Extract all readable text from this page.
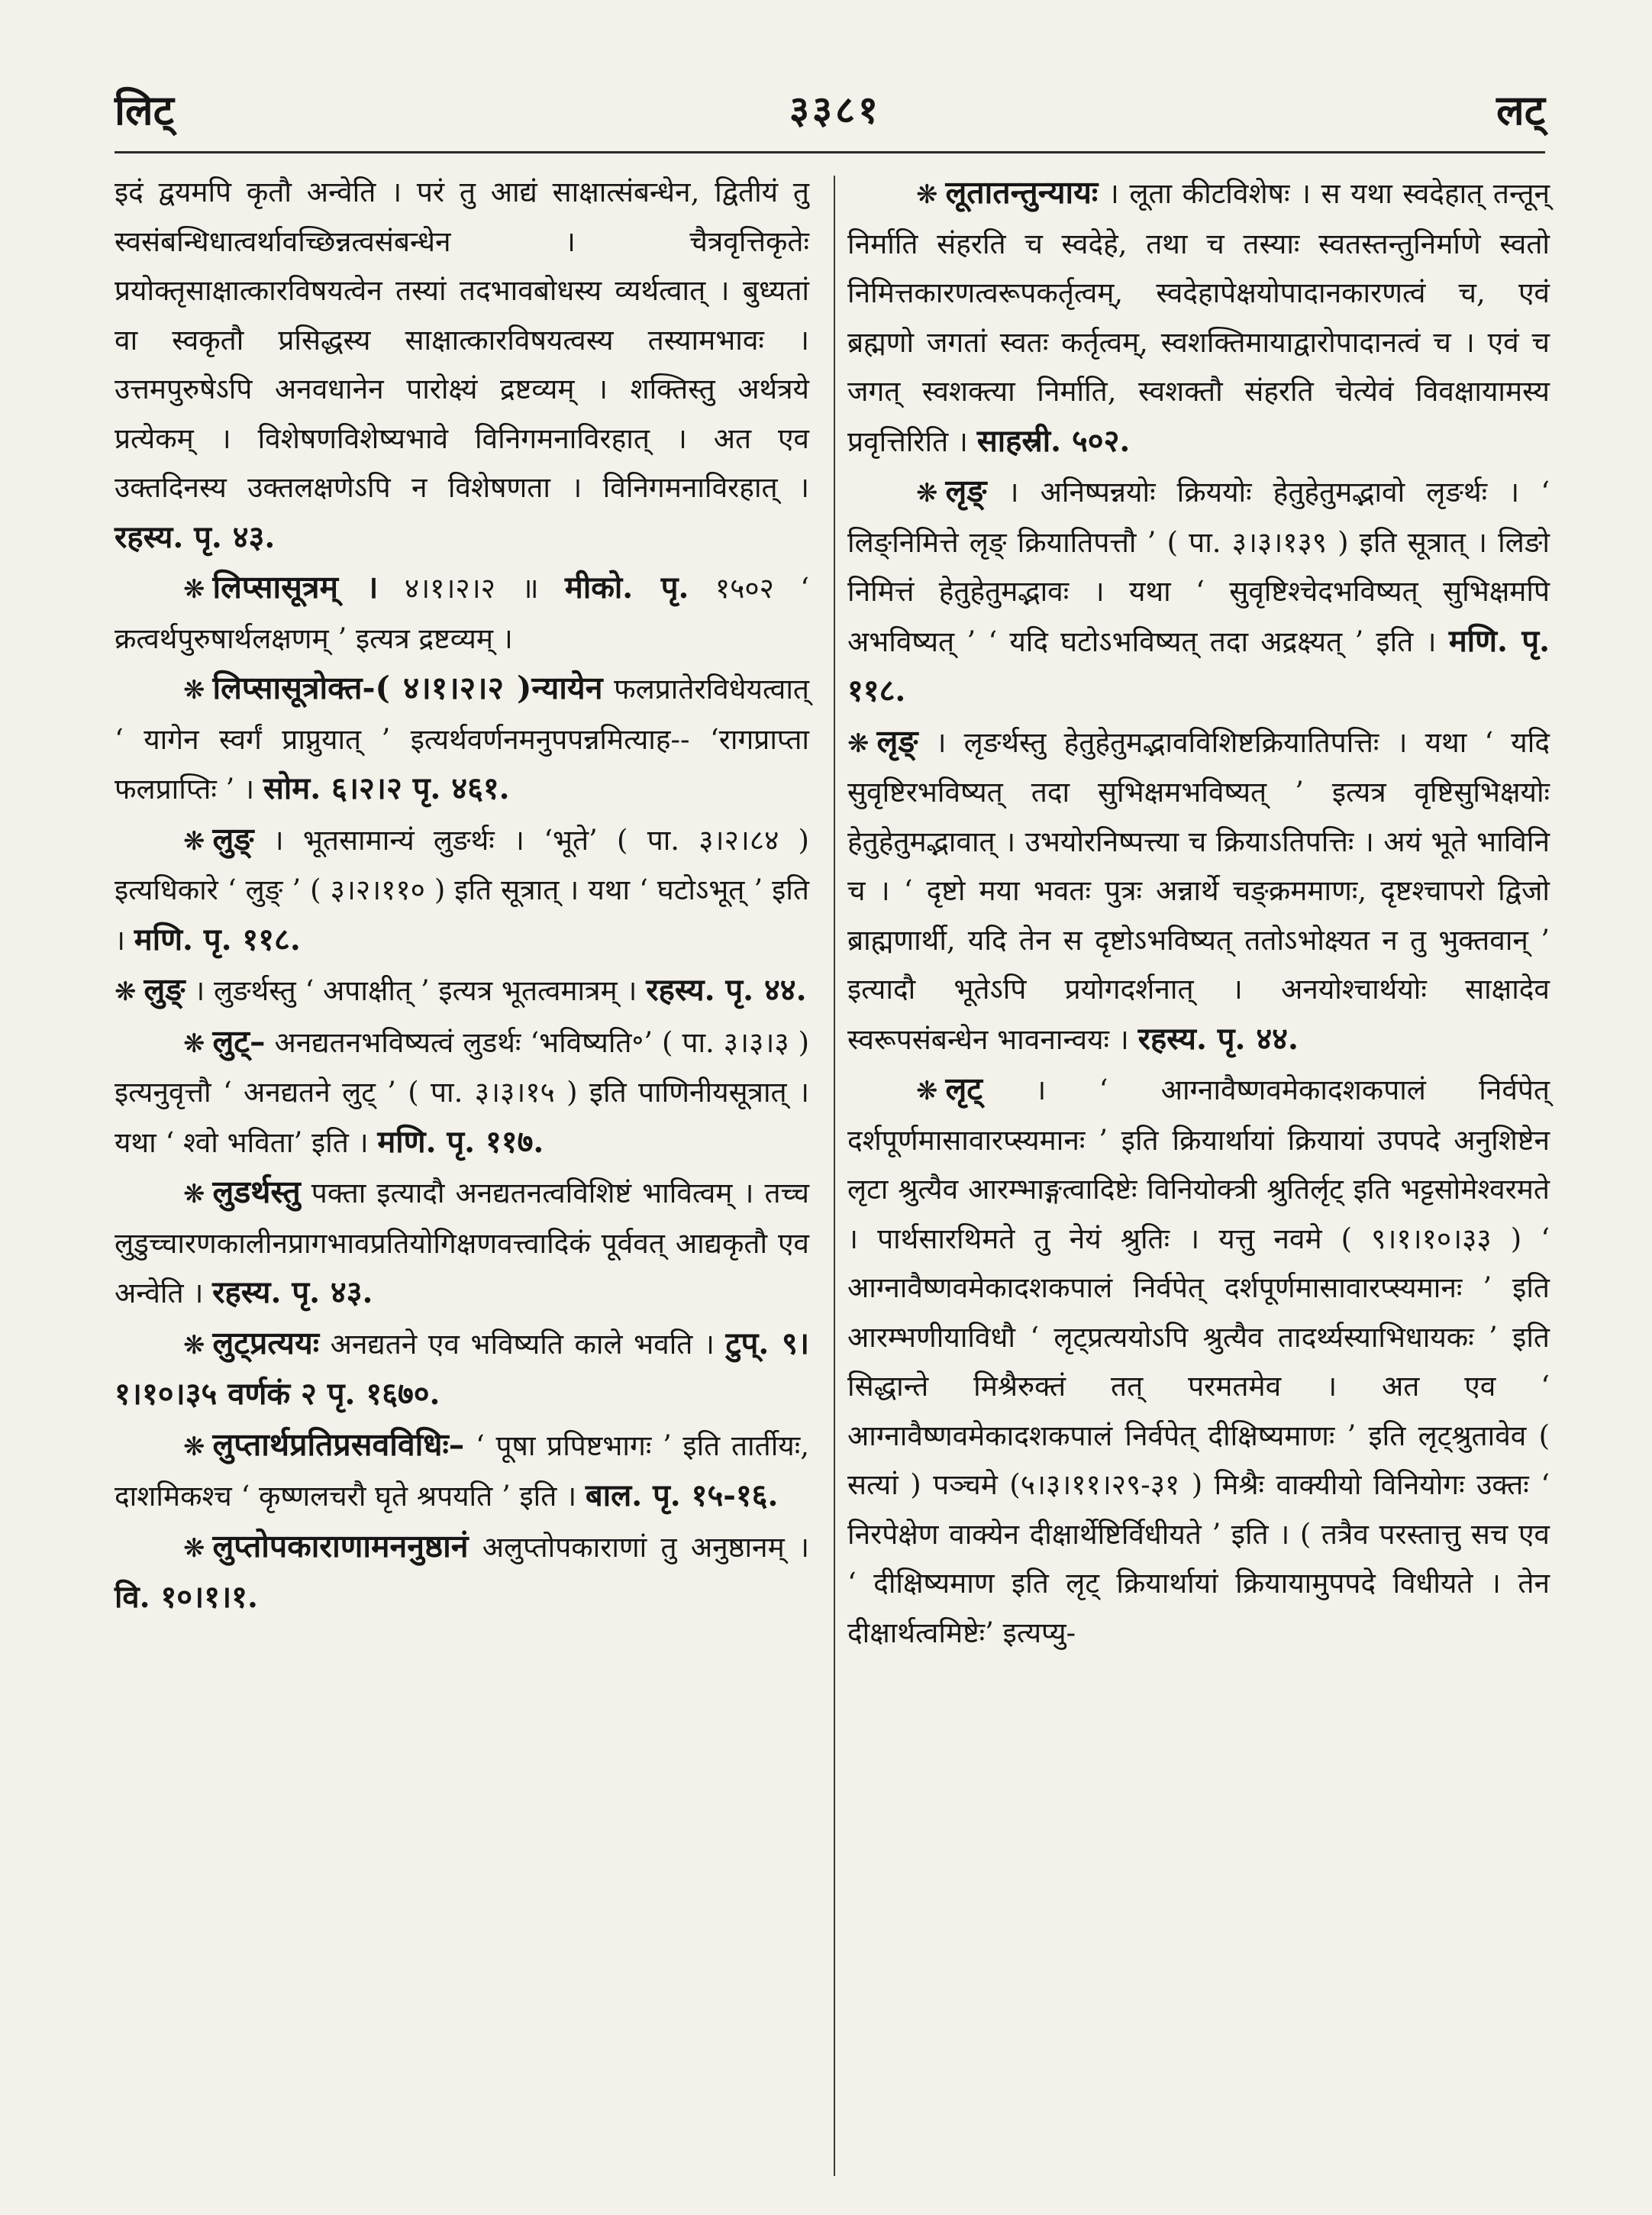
लिट्	३३८१	लट्

इदं द्वयमपि कृतौ अन्वेति । परं तु आद्यं साक्षात्संबन्धेन, द्वितीयं तु स्वसंबन्धिधात्वर्थावच्छिन्नत्वसंबन्धेन । चैत्रवृत्तिकृतेः प्रयोक्तृसाक्षात्कारविषयत्वेन तस्यां तदभावबोधस्य व्यर्थत्वात् । बुध्यतां वा स्वकृतौ प्रसिद्धस्य साक्षात्कारविषयत्वस्य तस्यामभावः । उत्तमपुरुषेऽपि अनवधानेन पारोक्ष्यं द्रष्टव्यम् । शक्तिस्तु अर्थत्रये प्रत्येकम् । विशेषणविशेष्यभावे विनिगमनाविरहात् । अत एव उक्तदिनस्य उक्तलक्षणेऽपि न विशेषणता । विनिगमनाविरहात् । रहस्य. पृ. ४३.

❋ लिप्सासूत्रम् । ४।१।२।२ ॥ मीको. पृ. १५०२ ‘ क्रत्वर्थपुरुषार्थलक्षणम् ’ इत्यत्र द्रष्टव्यम् ।

❋ लिप्सासूत्रोक्त-( ४।१।२।२ )न्यायेन फलप्रातेरविधेयत्वात् ‘ यागेन स्वर्गं प्राप्नुयात् ’ इत्यर्थवर्णनमनुपपन्नमित्याह-- ‘रागप्राप्ता फलप्राप्तिः ’ । सोम. ६।२।२ पृ. ४६१.

❋ लुङ् । भूतसामान्यं लुङर्थः । ‘भूते’ ( पा. ३।२।८४ ) इत्यधिकारे ‘ लुङ् ’ ( ३।२।११० ) इति सूत्रात् । यथा ‘ घटोऽभूत् ’ इति । मणि. पृ. ११८.

❋ लुङ् । लुङर्थस्तु ‘ अपाक्षीत् ’ इत्यत्र भूतत्वमात्रम् । रहस्य. पृ. ४४.

❋ लुट्– अनद्यतनभविष्यत्वं लुडर्थः ‘भविष्यति॰’ ( पा. ३।३।३ ) इत्यनुवृत्तौ ‘ अनद्यतने लुट् ’ ( पा. ३।३।१५ ) इति पाणिनीयसूत्रात् । यथा ‘ श्वो भविता’ इति । मणि. पृ. ११७.

❋ लुडर्थस्तु पक्ता इत्यादौ अनद्यतनत्वविशिष्टं भावित्वम् । तच्च लुडुच्चारणकालीनप्रागभावप्रतियोगिक्षणवत्त्वादिकं पूर्ववत् आद्यकृतौ एव अन्वेति । रहस्य. पृ. ४३.

❋ लुट्प्रत्ययः अनद्यतने एव भविष्यति काले भवति । टुप्. ९।१।१०।३५ वर्णकं २ पृ. १६७०.

❋ लुप्तार्थप्रतिप्रसवविधिः– ‘ पूषा प्रपिष्टभागः ’ इति तार्तीयः, दाशमिकश्च ‘ कृष्णलचरौ घृते श्रपयति ’ इति । बाल. पृ. १५-१६.

❋ लुप्तोपकाराणामननुष्ठानं अलुप्तोपकाराणां तु अनुष्ठानम् । वि. १०।१।१.

❋ लूतातन्तुन्यायः । लूता कीटविशेषः । स यथा स्वदेहात् तन्तून् निर्माति संहरति च स्वदेहे, तथा च तस्याः स्वतस्तन्तुनिर्माणे स्वतो निमित्तकारणत्वरूपकर्तृत्वम्, स्वदेहापेक्षयोपादानकारणत्वं च, एवं ब्रह्मणो जगतां स्वतः कर्तृत्वम्, स्वशक्तिमायाद्वारोपादानत्वं च । एवं च जगत् स्वशक्त्या निर्माति, स्वशक्तौ संहरति चेत्येवं विवक्षायामस्य प्रवृत्तिरिति । साहस्री. ५०२.

❋ लृङ् । अनिष्पन्नयोः क्रिययोः हेतुहेतुमद्भावो लृङर्थः । ‘ लिङ्निमित्ते लृङ् क्रियातिपत्तौ ’ ( पा. ३।३।१३९ ) इति सूत्रात् । लिङो निमित्तं हेतुहेतुमद्भावः । यथा ‘ सुवृष्टिश्चेदभविष्यत् सुभिक्षमपि अभविष्यत् ’ ‘ यदि घटोऽभविष्यत् तदा अद्रक्ष्यत् ’ इति । मणि. पृ. ११८.

❋ लृङ् । लृङर्थस्तु हेतुहेतुमद्भावविशिष्टक्रियातिपत्तिः । यथा ‘ यदि सुवृष्टिरभविष्यत् तदा सुभिक्षमभविष्यत् ’ इत्यत्र वृष्टिसुभिक्षयोः हेतुहेतुमद्भावात् । उभयोरनिष्पत्त्या च क्रियाऽतिपत्तिः । अयं भूते भाविनि च । ‘ दृष्टो मया भवतः पुत्रः अन्नार्थे चङ्क्रममाणः, दृष्टश्चापरो द्विजो ब्राह्मणार्थी, यदि तेन स दृष्टोऽभविष्यत् ततोऽभोक्ष्यत न तु भुक्तवान् ’ इत्यादौ भूतेऽपि प्रयोगदर्शनात् । अनयोश्चार्थयोः साक्षादेव स्वरूपसंबन्धेन भावनान्वयः । रहस्य. पृ. ४४.

❋ लृट् । ‘ आग्नावैष्णवमेकादशकपालं निर्वपेत् दर्शपूर्णमासावारप्स्यमानः ’ इति क्रियार्थायां क्रियायां उपपदे अनुशिष्टेन लृटा श्रुत्यैव आरम्भाङ्गत्वादिष्टेः विनियोक्त्री श्रुतिर्लृट् इति भट्टसोमेश्वरमते । पार्थसारथिमते तु नेयं श्रुतिः । यत्तु नवमे ( ९।१।१०।३३ ) ‘ आग्नावैष्णवमेकादशकपालं निर्वपेत् दर्शपूर्णमासावारप्स्यमानः ’ इति आरम्भणीयाविधौ ‘ लृट्प्रत्ययोऽपि श्रुत्यैव तादर्थ्यस्याभिधायकः ’ इति सिद्धान्ते मिश्रैरुक्तं तत् परमतमेव । अत एव ‘ आग्नावैष्णवमेकादशकपालं निर्वपेत् दीक्षिष्यमाणः ’ इति लृट्श्रुतावेव ( सत्यां ) पञ्चमे (५।३।११।२९-३१ ) मिश्रैः वाक्यीयो विनियोगः उक्तः ‘ निरपेक्षेण वाक्येन दीक्षार्थेष्टिर्विधीयते ’ इति । ( तत्रैव परस्तात्तु सच एव ‘ दीक्षिष्यमाण इति लृट् क्रियार्थायां क्रियायामुपपदे विधीयते । तेन दीक्षार्थत्वमिष्टेः’ इत्यप्यु-
